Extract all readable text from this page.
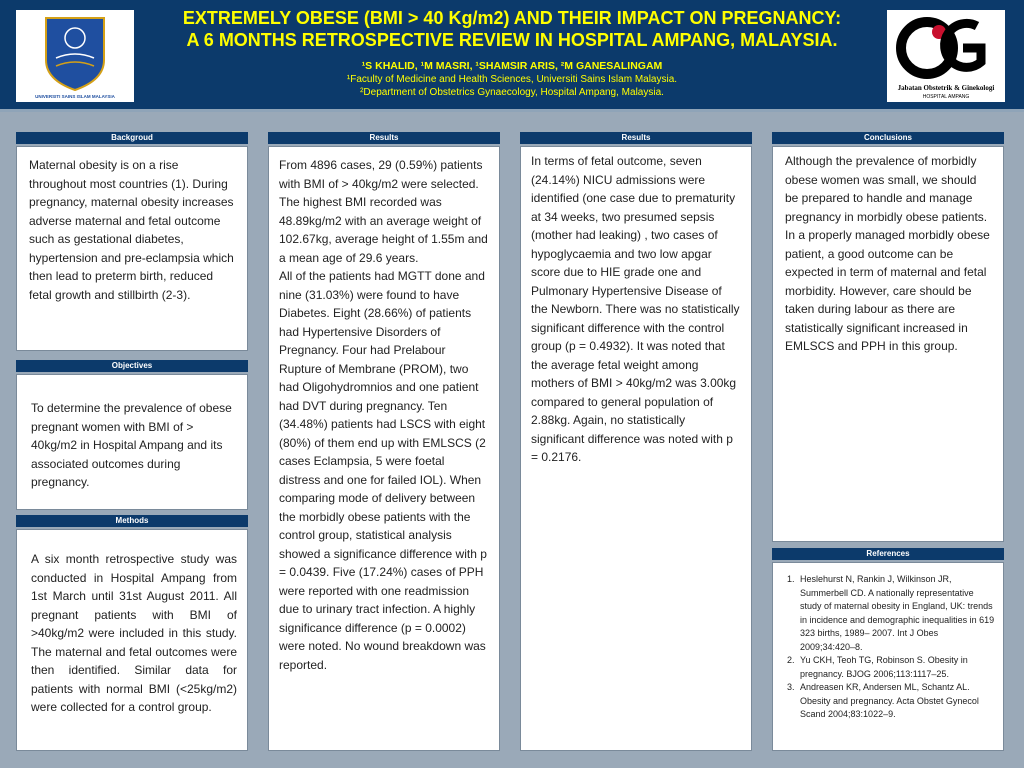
UNIVERSITI SAINS ISLAM MALAYSIA
EXTREMELY OBESE (BMI > 40 Kg/m2) AND THEIR IMPACT ON PREGNANCY:
A 6 MONTHS RETROSPECTIVE REVIEW IN HOSPITAL AMPANG, MALAYSIA.
¹S KHALID, ¹M MASRI, ¹SHAMSIR ARIS, ²M GANESALINGAM
¹Faculty of Medicine and Health Sciences, Universiti Sains Islam Malaysia.
²Department of Obstetrics Gynaecology, Hospital Ampang, Malaysia.	Jabatan Obstetrik & Ginekologi
HOSPITAL AMPANG
Backgroud
Maternal obesity is on a rise throughout most countries (1). During pregnancy, maternal obesity increases adverse maternal and fetal outcome such as gestational diabetes, hypertension and pre-eclampsia which then lead to preterm birth, reduced fetal growth and stillbirth (2-3).
Objectives
To determine the prevalence of obese pregnant women with BMI of > 40kg/m2 in Hospital Ampang and its associated outcomes during pregnancy.
Methods
A six month retrospective study was conducted in Hospital Ampang from 1st March until 31st August 2011. All pregnant patients with BMI of >40kg/m2 were included in this study. The maternal and fetal outcomes were then identified. Similar data for patients with normal BMI (<25kg/m2) were collected for a control group.
Results
From 4896 cases, 29 (0.59%) patients with BMI of > 40kg/m2 were selected. The highest BMI recorded was 48.89kg/m2 with an average weight of 102.67kg, average height of 1.55m and a mean age of 29.6 years.
All of the patients had MGTT done and nine (31.03%) were found to have Diabetes. Eight (28.66%) of patients had Hypertensive Disorders of Pregnancy. Four had Prelabour Rupture of Membrane (PROM), two had Oligohydromnios and one patient had DVT during pregnancy. Ten (34.48%) patients had LSCS with eight (80%) of them end up with EMLSCS (2 cases Eclampsia, 5 were foetal distress and one for failed IOL). When comparing mode of delivery between the morbidly obese patients with the control group, statistical analysis showed a significance difference with p = 0.0439. Five (17.24%) cases of PPH were reported with one readmission due to urinary tract infection. A highly significance difference (p = 0.0002) were noted. No wound breakdown was reported.
Results
In terms of fetal outcome, seven (24.14%) NICU admissions were identified (one case due to prematurity at 34 weeks, two presumed sepsis (mother had leaking) , two cases of hypoglycaemia and two low apgar score due to HIE grade one and Pulmonary Hypertensive Disease of the Newborn. There was no statistically significant difference with the control group (p = 0.4932). It was noted that the average fetal weight among mothers of BMI > 40kg/m2 was 3.00kg compared to general population of 2.88kg. Again, no statistically significant difference was noted with p = 0.2176.
Conclusions
Although the prevalence of morbidly obese women was small, we should be prepared to handle and manage pregnancy in morbidly obese patients. In a properly managed morbidly obese patient, a good outcome can be expected in term of maternal and fetal morbidity. However, care should be taken during labour as there are statistically significant increased in EMLSCS and PPH in this group.
References
1. Heslehurst N, Rankin J, Wilkinson JR, Summerbell CD. A nationally representative study of maternal obesity in England, UK: trends in incidence and demographic inequalities in 619 323 births, 1989– 2007. Int J Obes 2009;34:420–8.
2. Yu CKH, Teoh TG, Robinson S. Obesity in pregnancy. BJOG 2006;113:1117–25.
3. Andreasen KR, Andersen ML, Schantz AL. Obesity and pregnancy. Acta Obstet Gynecol Scand 2004;83:1022–9.
